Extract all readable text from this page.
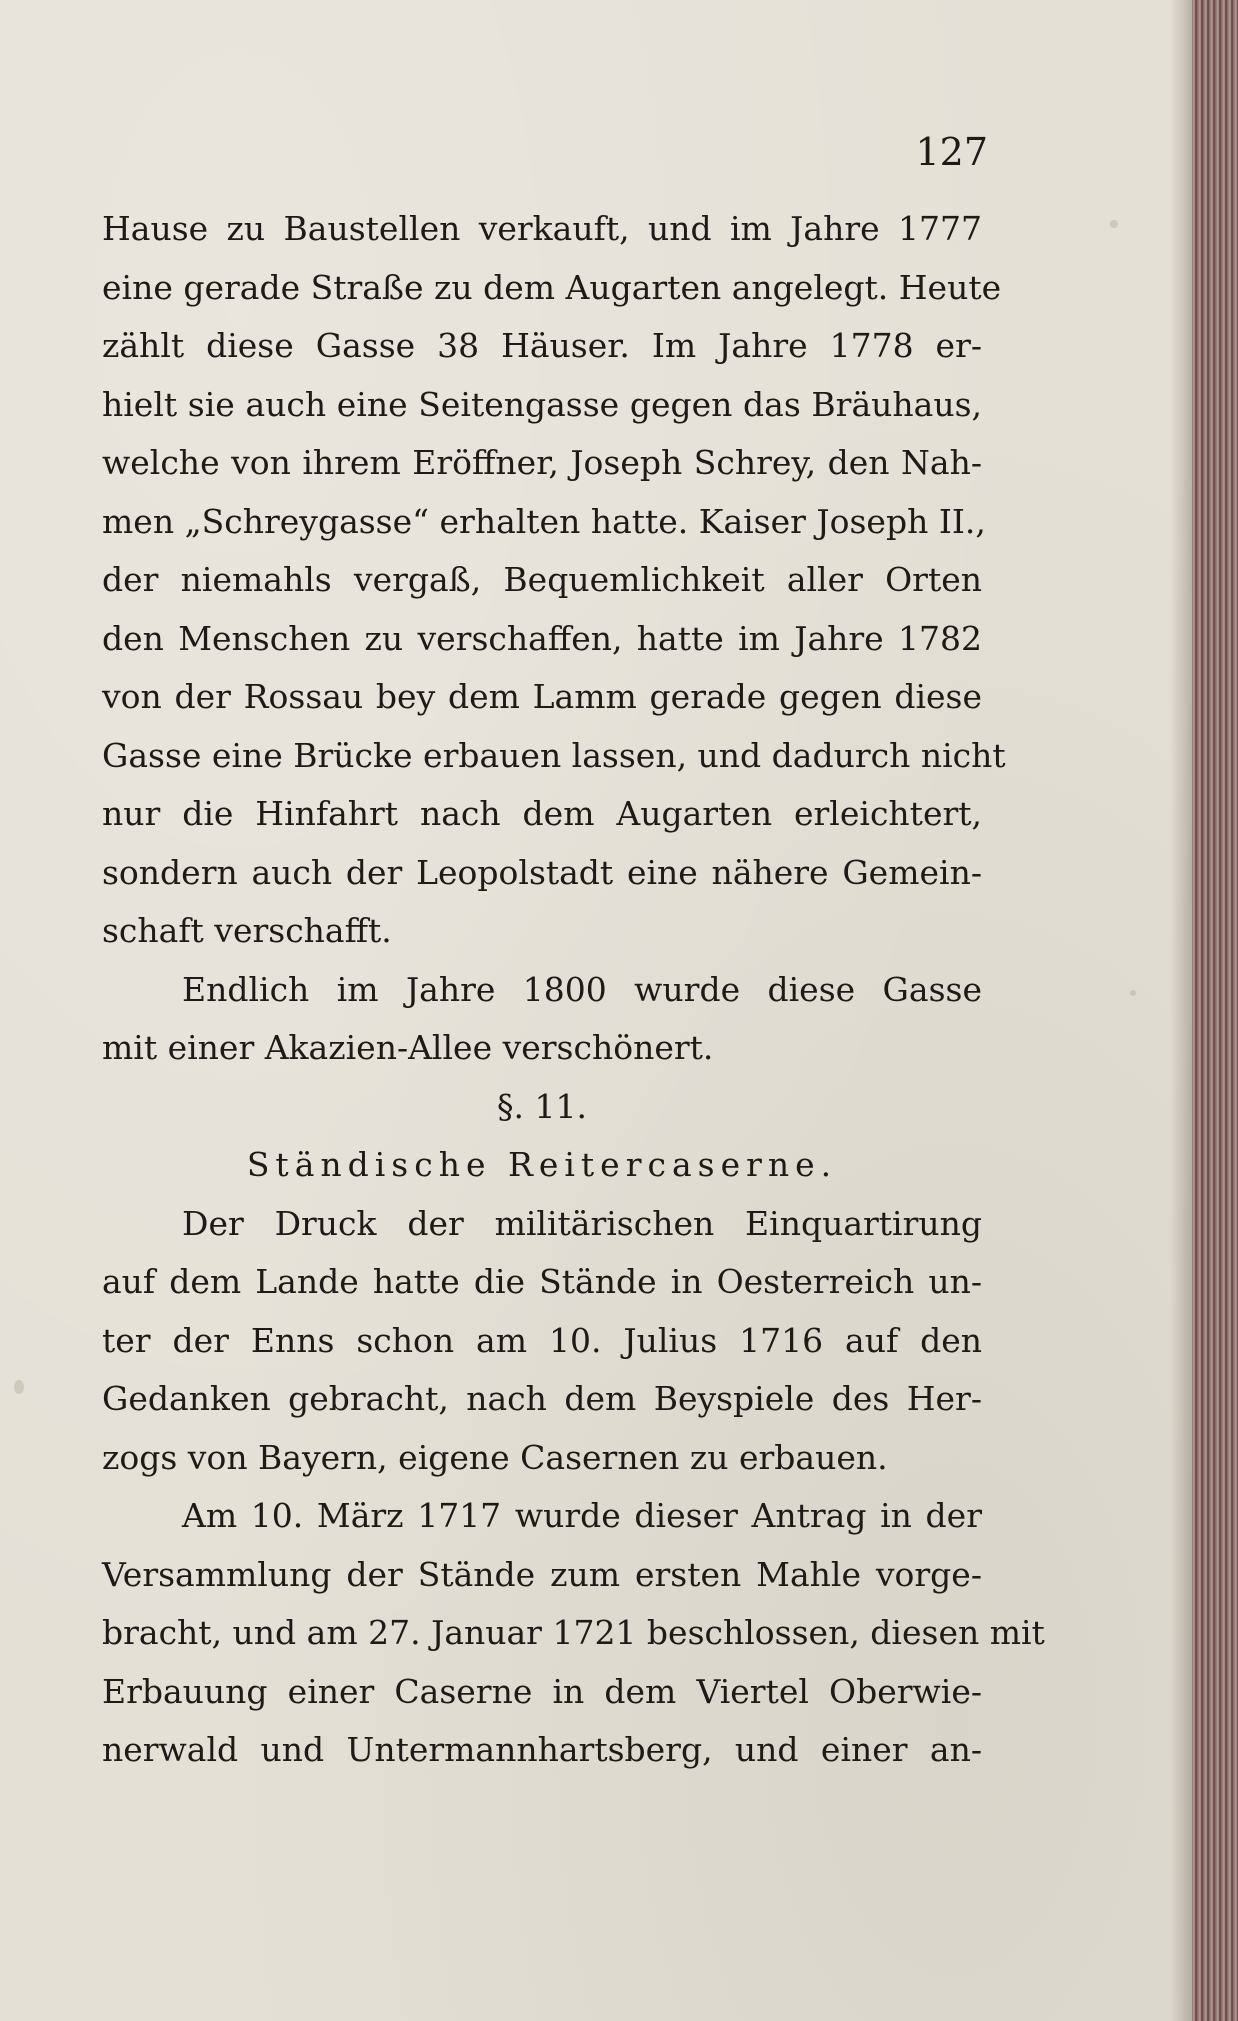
127
Hause zu Baustellen verkauft, und im Jahre 1777
eine gerade Straße zu dem Augarten angelegt. Heute
zählt diese Gasse 38 Häuser. Im Jahre 1778 er-
hielt sie auch eine Seitengasse gegen das Bräuhaus,
welche von ihrem Eröffner, Joseph Schrey, den Nah-
men „Schreygasse“ erhalten hatte. Kaiser Joseph II.,
der niemahls vergaß, Bequemlichkeit aller Orten
den Menschen zu verschaffen, hatte im Jahre 1782
von der Rossau bey dem Lamm gerade gegen diese
Gasse eine Brücke erbauen lassen, und dadurch nicht
nur die Hinfahrt nach dem Augarten erleichtert,
sondern auch der Leopolstadt eine nähere Gemein-
schaft verschafft.
Endlich im Jahre 1800 wurde diese Gasse
mit einer Akazien-Allee verschönert.
§. 11.
Ständische Reitercaserne.
Der Druck der militärischen Einquartirung
auf dem Lande hatte die Stände in Oesterreich un-
ter der Enns schon am 10. Julius 1716 auf den
Gedanken gebracht, nach dem Beyspiele des Her-
zogs von Bayern, eigene Casernen zu erbauen.
Am 10. März 1717 wurde dieser Antrag in der
Versammlung der Stände zum ersten Mahle vorge-
bracht, und am 27. Januar 1721 beschlossen, diesen mit
Erbauung einer Caserne in dem Viertel Oberwie-
nerwald und Untermannhartsberg, und einer an-
